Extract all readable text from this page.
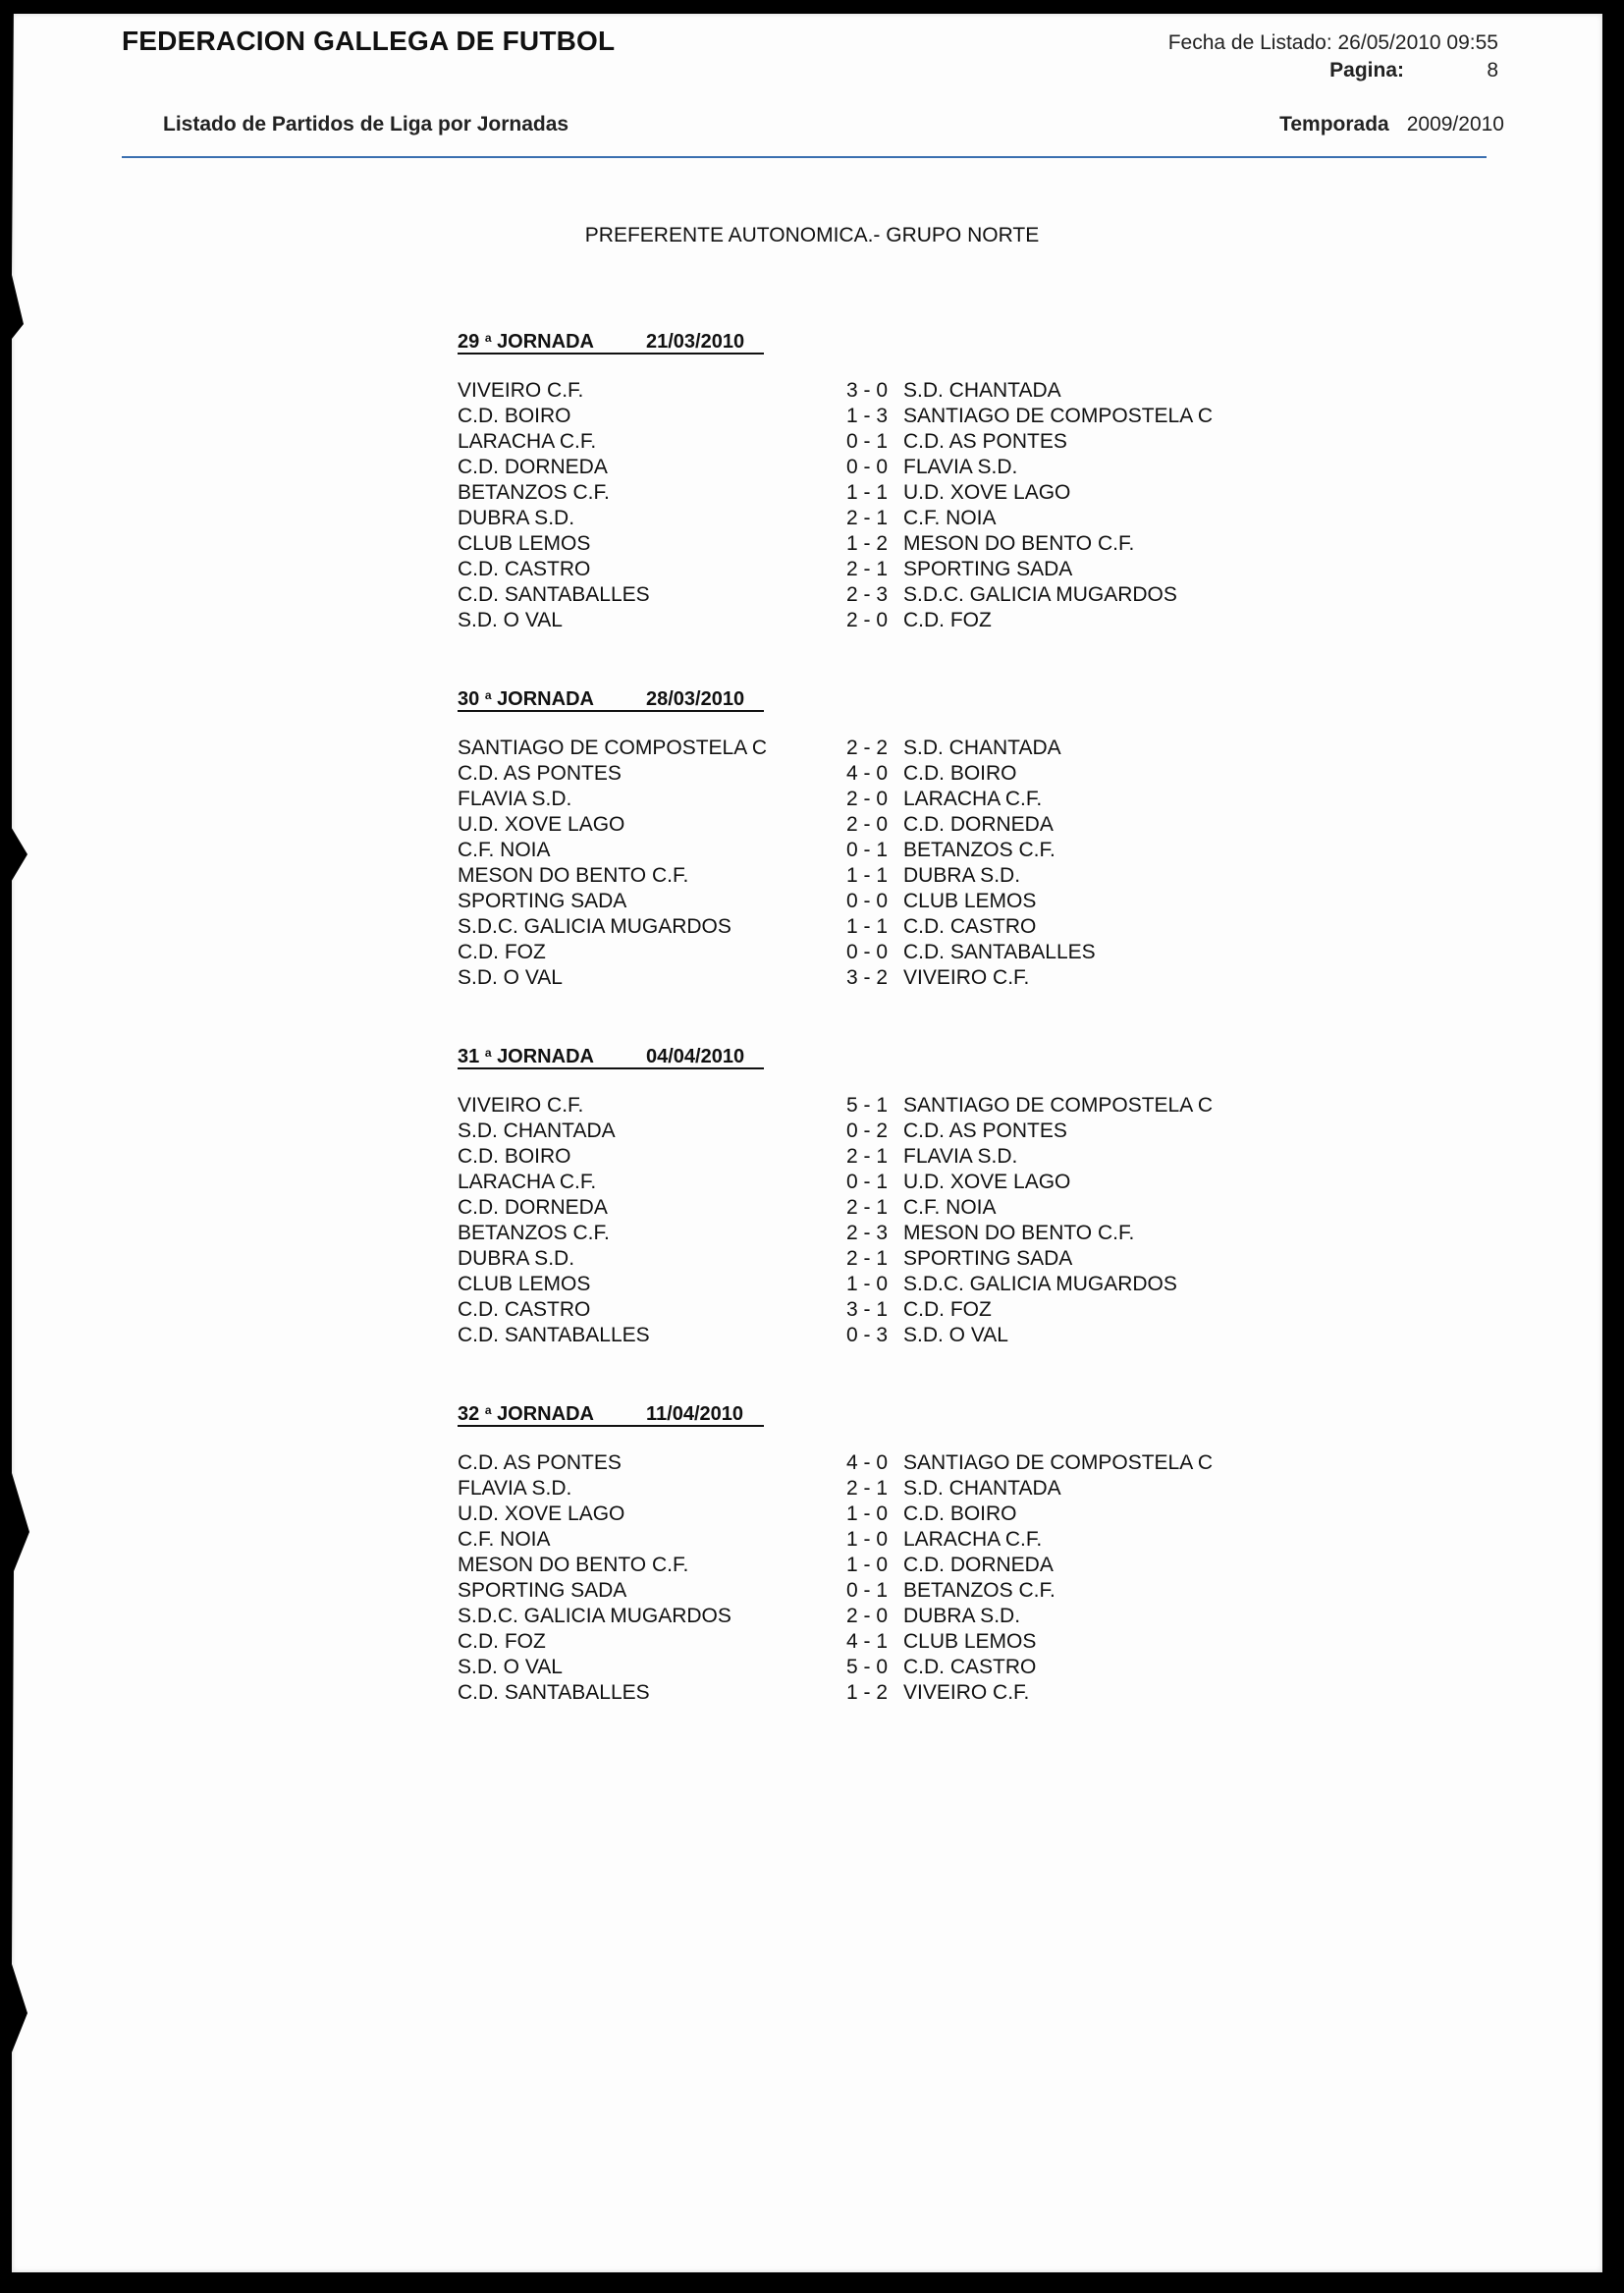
FEDERACION GALLEGA DE FUTBOL	Fecha de Listado: 26/05/2010 09:55
Pagina:	8
Listado de Partidos de Liga por Jornadas	Temporada 2009/2010
PREFERENTE AUTONOMICA.- GRUPO NORTE
29 $^a$ JORNADA	21/03/2010
VIVEIRO C.F.	3 - 0 S.D. CHANTADA
C.D. BOIRO	1 - 3 SANTIAGO DE COMPOSTELA C
LARACHA C.F.	0 - 1 C.D. AS PONTES
C.D. DORNEDA	0 - 0 FLAVIA S.D.
BETANZOS C.F.	1 - 1 U.D. XOVE LAGO
DUBRA S.D.	2 - 1 C.F. NOIA
CLUB LEMOS	1 - 2 MESON DO BENTO C.F.
C.D. CASTRO	2 - 1 SPORTING SADA
C.D. SANTABALLES	2 - 3 S.D.C. GALICIA MUGARDOS
S.D. O VAL	2 - 0 C.D. FOZ
30 $^a$ JORNADA	28/03/2010
SANTIAGO DE COMPOSTELA C	2 - 2 S.D. CHANTADA
C.D. AS PONTES	4 - 0 C.D. BOIRO
FLAVIA S.D.	2 - 0 LARACHA C.F.
U.D. XOVE LAGO	2 - 0 C.D. DORNEDA
C.F. NOIA	0 - 1 BETANZOS C.F.
MESON DO BENTO C.F.	1 - 1 DUBRA S.D.
SPORTING SADA	0 - 0 CLUB LEMOS
S.D.C. GALICIA MUGARDOS	1 - 1 C.D. CASTRO
C.D. FOZ	0 - 0 C.D. SANTABALLES
S.D. O VAL	3 - 2 VIVEIRO C.F.
31 $^a$ JORNADA	04/04/2010
VIVEIRO C.F.	5 - 1 SANTIAGO DE COMPOSTELA C
S.D. CHANTADA	0 - 2 C.D. AS PONTES
C.D. BOIRO	2 - 1 FLAVIA S.D.
LARACHA C.F.	0 - 1 U.D. XOVE LAGO
C.D. DORNEDA	2 - 1 C.F. NOIA
BETANZOS C.F.	2 - 3 MESON DO BENTO C.F.
DUBRA S.D.	2 - 1 SPORTING SADA
CLUB LEMOS	1 - 0 S.D.C. GALICIA MUGARDOS
C.D. CASTRO	3 - 1 C.D. FOZ
C.D. SANTABALLES	0 - 3 S.D. O VAL
32 $^a$ JORNADA	11/04/2010
C.D. AS PONTES	4 - 0 SANTIAGO DE COMPOSTELA C
FLAVIA S.D.	2 - 1 S.D. CHANTADA
U.D. XOVE LAGO	1 - 0 C.D. BOIRO
C.F. NOIA	1 - 0 LARACHA C.F.
MESON DO BENTO C.F.	1 - 0 C.D. DORNEDA
SPORTING SADA	0 - 1 BETANZOS C.F.
S.D.C. GALICIA MUGARDOS	2 - 0 DUBRA S.D.
C.D. FOZ	4 - 1 CLUB LEMOS
S.D. O VAL	5 - 0 C.D. CASTRO
C.D. SANTABALLES	1 - 2 VIVEIRO C.F.
